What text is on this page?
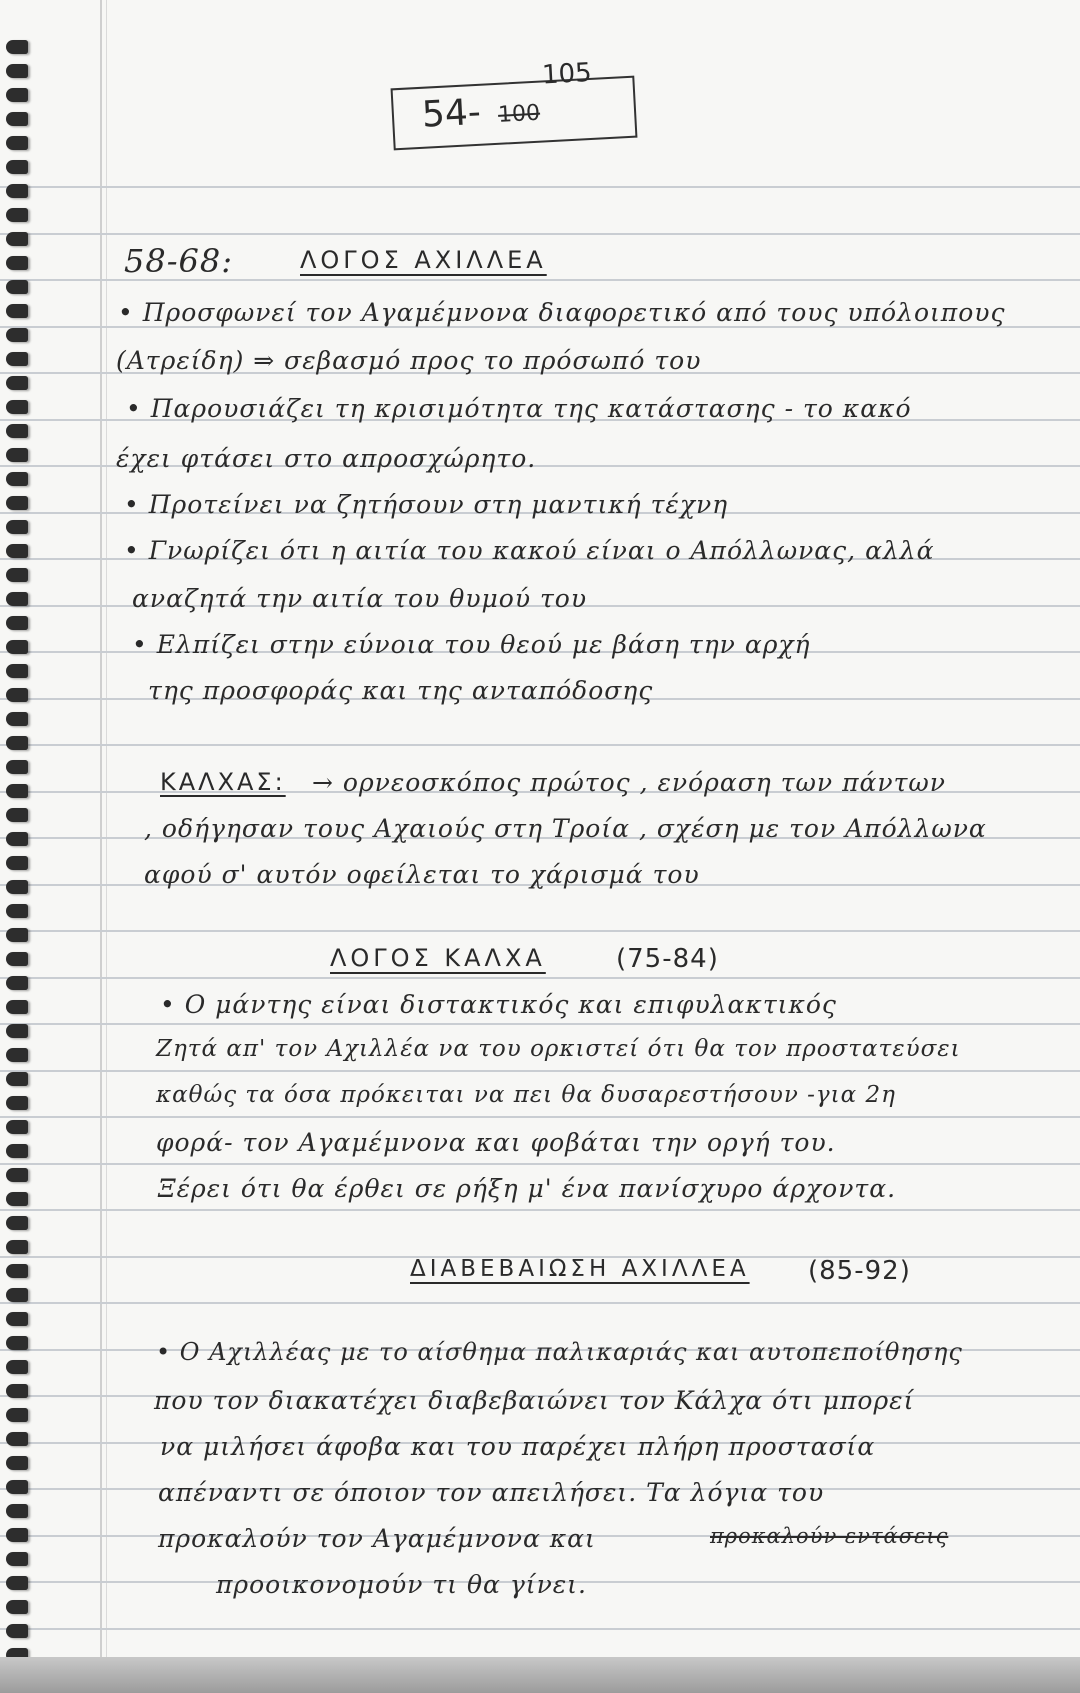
54- 100
105
58-68:	ΛΟΓΟΣ ΑΧΙΛΛΕΑ
• Προσφωνεί τον Αγαμέμνονα διαφορετικό από τους υπόλοιπους
(Ατρείδη) ⇒ σεβασμό προς το πρόσωπό του
• Παρουσιάζει τη κρισιμότητα της κατάστασης - το κακό
έχει φτάσει στο απροσχώρητο.
• Προτείνει να ζητήσουν στη μαντική τέχνη
• Γνωρίζει ότι η αιτία του κακού είναι ο Απόλλωνας, αλλά
αναζητά την αιτία του θυμού του
• Ελπίζει στην εύνοια του θεού με βάση την αρχή
της προσφοράς και της ανταπόδοσης
ΚΑΛΧΑΣ: → ορνεοσκόπος πρώτος , ενόραση των πάντων
, οδήγησαν τους Αχαιούς στη Τροία , σχέση με τον Απόλλωνα
αφού σ' αυτόν οφείλεται το χάρισμά του
ΛΟΓΟΣ ΚΑΛΧΑ	(75-84)
• Ο μάντης είναι διστακτικός και επιφυλακτικός
Ζητά απ' τον Αχιλλέα να του ορκιστεί ότι θα τον προστατεύσει
καθώς τα όσα πρόκειται να πει θα δυσαρεστήσουν -για 2η
φορά- τον Αγαμέμνονα και φοβάται την οργή του.
Ξέρει ότι θα έρθει σε ρήξη μ' ένα πανίσχυρο άρχοντα.
ΔΙΑΒΕΒΑΙΩΣΗ ΑΧΙΛΛΕΑ (85-92)
• Ο Αχιλλέας με το αίσθημα παλικαριάς και αυτοπεποίθησης
που τον διακατέχει διαβεβαιώνει τον Κάλχα ότι μπορεί
να μιλήσει άφοβα και του παρέχει πλήρη προστασία
απέναντι σε όποιον τον απειλήσει. Τα λόγια του
προκαλούν τον Αγαμέμνονα και	προκαλούν εντάσεις
προοικονομούν τι θα γίνει.
